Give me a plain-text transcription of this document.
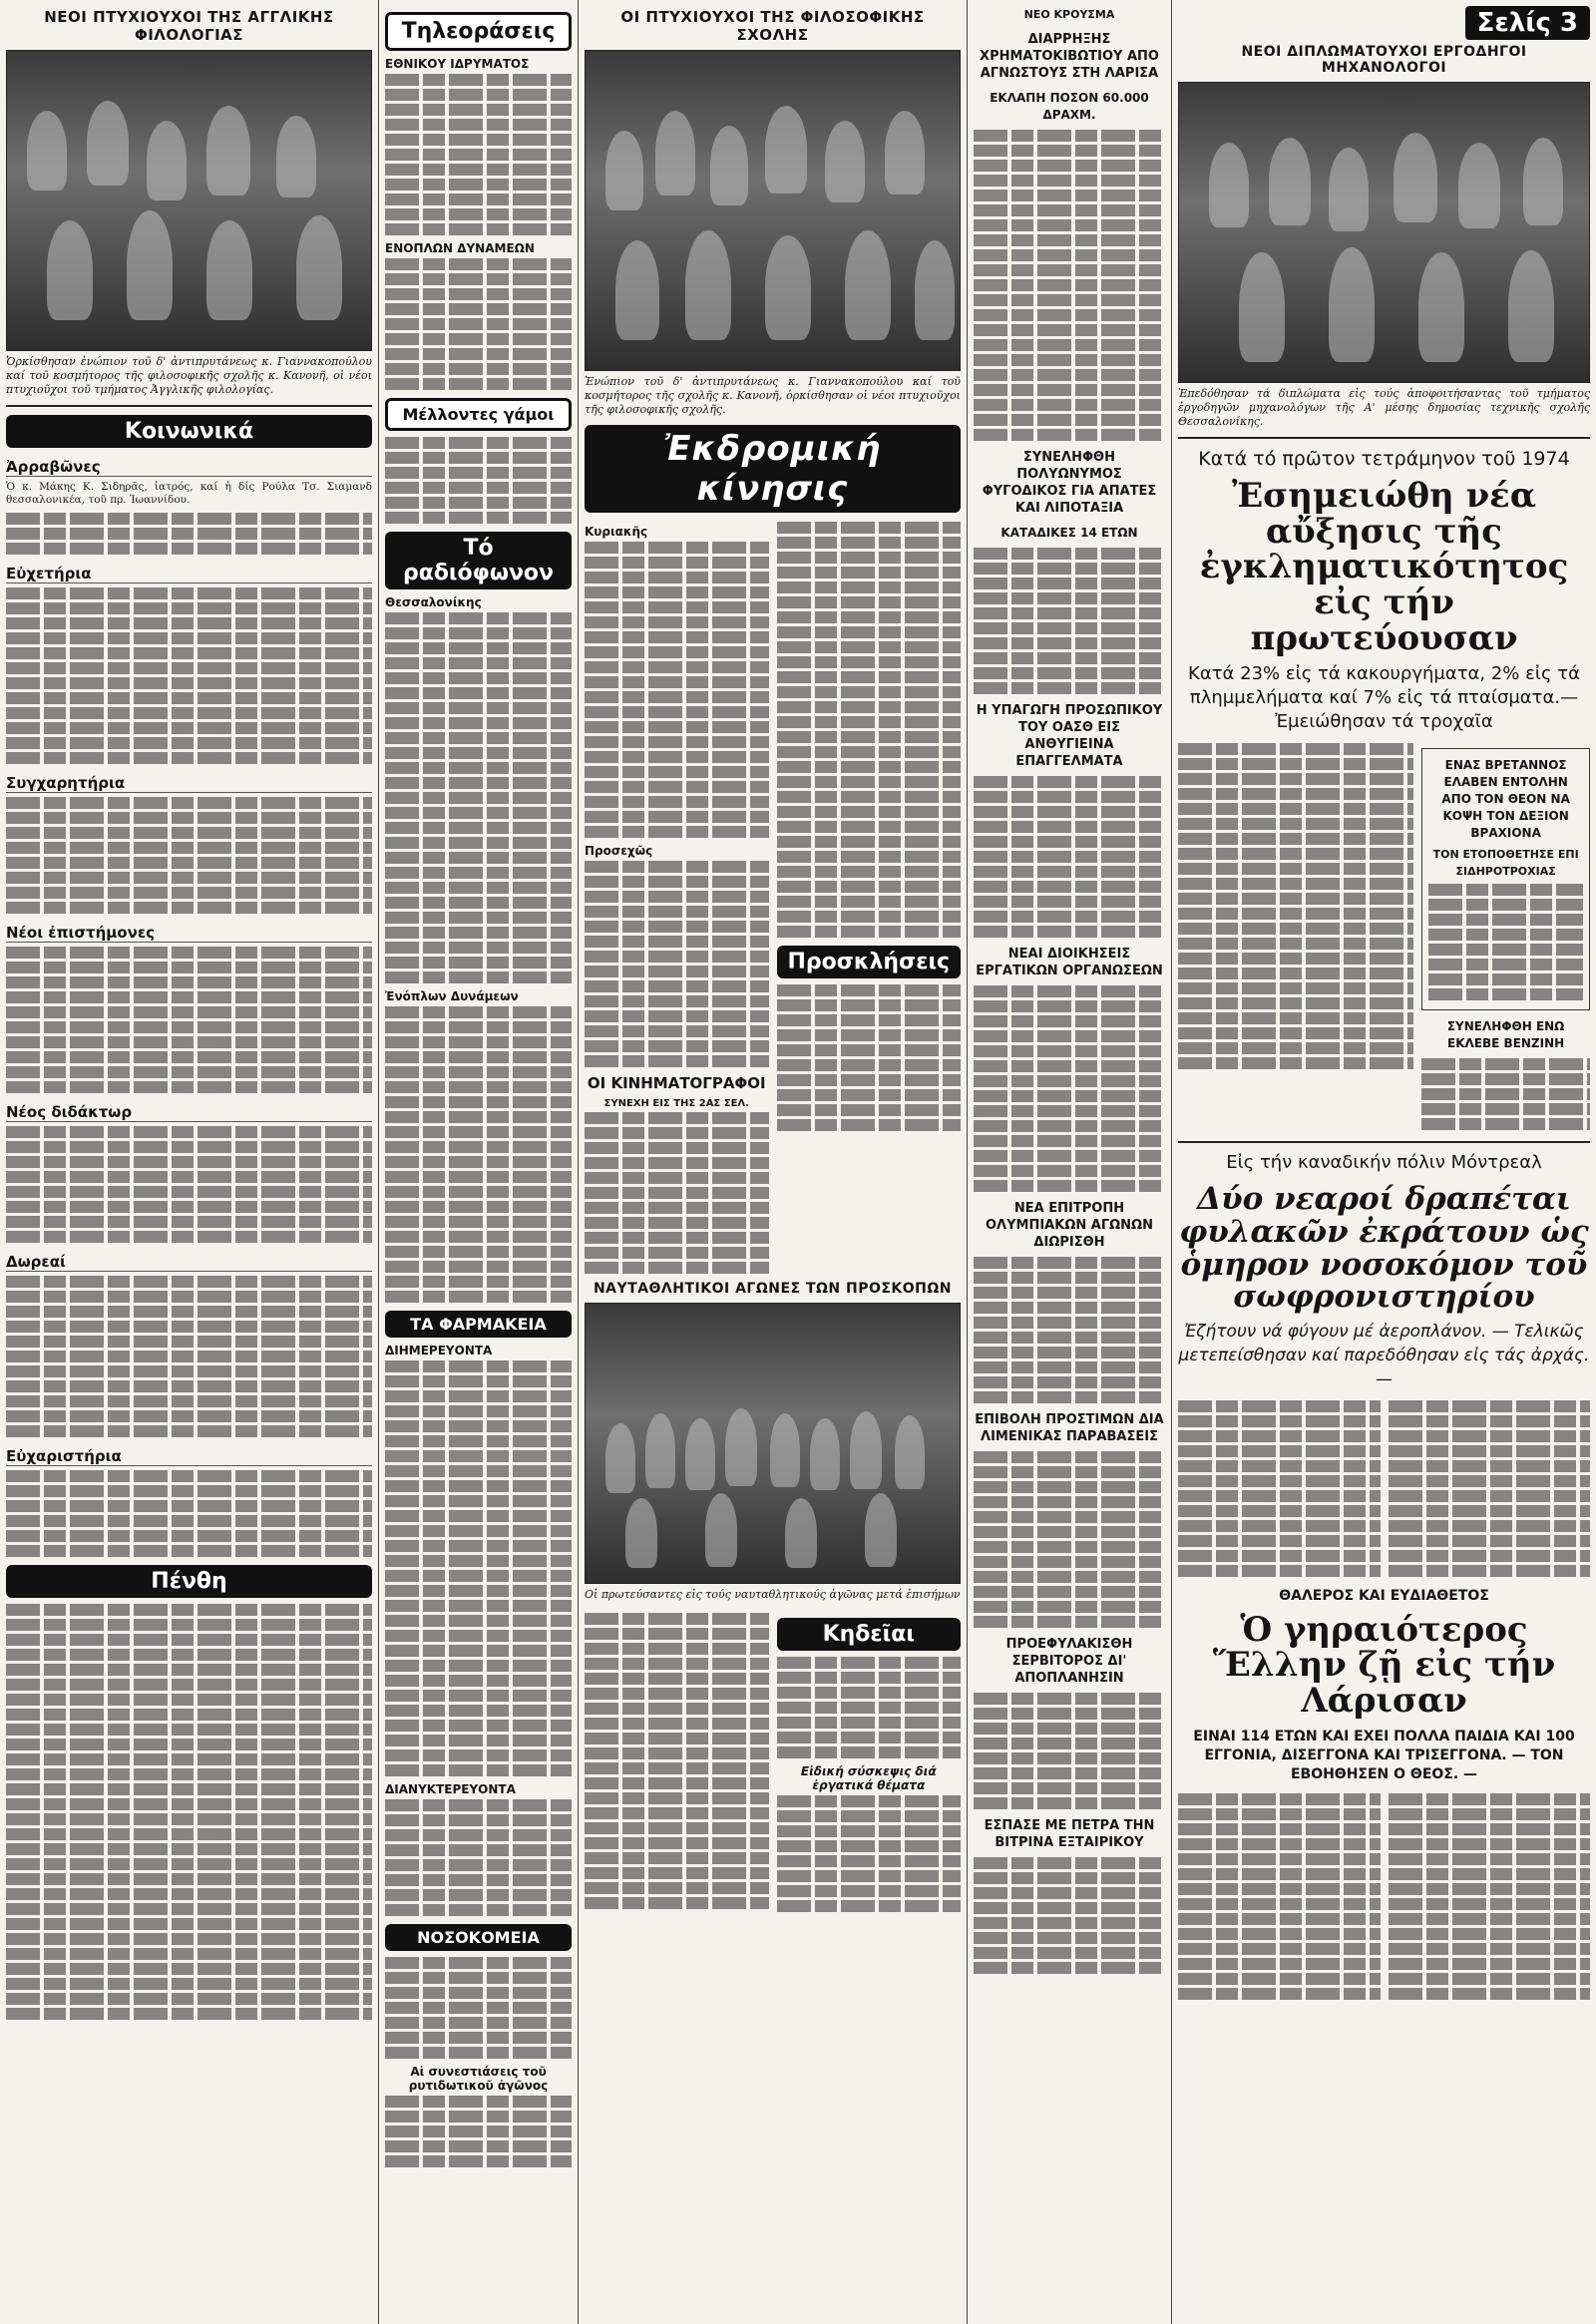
ΝΕΟΙ ΠΤΥΧΙΟΥΧΟΙ ΤΗΣ ΑΓΓΛΙΚΗΣ ΦΙΛΟΛΟΓΙΑΣ
Ὁρκίσθησαν ἐνώπιον τοῦ δ' ἀντιπρυτάνεως κ. Γιαννακοπούλου καί τοῦ κοσμήτορος τῆς φιλοσοφικῆς σχολῆς κ. Κανονῆ, οἱ νέοι πτυχιοῦχοι τοῦ τμήματος Ἀγγλικῆς φιλολογίας.
Κοινωνικά
Ἀρραβῶνες

Ὁ κ. Μάκης Κ. Σιδηρᾶς, ἰατρός, καί ἡ δίς Ρούλα Τσ. Σιαμανδ θεσσαλονικέα, τοῦ πρ. Ἰωαννίδου.

Εὐχετήρια
Συγχαρητήρια
Νέοι ἐπιστήμονες
Νέος διδάκτωρ
Δωρεαί
Εὐχαριστήρια
Πένθη
Τηλεοράσεις
ΕΘΝΙΚΟΥ ΙΔΡΥΜΑΤΟΣ
ΕΝΟΠΛΩΝ ΔΥΝΑΜΕΩΝ
Μέλλοντες γάμοι
Τό ραδιόφωνον
Θεσσαλονίκης
Ἐνόπλων Δυνάμεων
ΤΑ ΦΑΡΜΑΚΕΙΑ
ΔΙΗΜΕΡΕΥΟΝΤΑ
ΔΙΑΝΥΚΤΕΡΕΥΟΝΤΑ
ΝΟΣΟΚΟΜΕΙΑ
Αἱ συνεστιάσεις τοῦ ρυτιδωτικοῦ ἀγῶνος
ΟΙ ΠΤΥΧΙΟΥΧΟΙ ΤΗΣ ΦΙΛΟΣΟΦΙΚΗΣ ΣΧΟΛΗΣ
Ἐνώπιον τοῦ δ' ἀντιπρυτάνεως κ. Γιαννακοπούλου καί τοῦ κοσμήτορος τῆς σχολῆς κ. Κανονῆ, ὁρκίσθησαν οἱ νέοι πτυχιοῦχοι τῆς φιλοσοφικῆς σχολῆς.
Ἐκδρομική κίνησις
Κυριακῆς
Προσεχῶς
ΟΙ ΚΙΝΗΜΑΤΟΓΡΑΦΟΙ
ΣΥΝΕΧΗ ΕΙΣ ΤΗΣ 2ΑΣ ΣΕΛ.
Προσκλήσεις
ΝΑΥΤΑΘΛΗΤΙΚΟΙ ΑΓΩΝΕΣ ΤΩΝ ΠΡΟΣΚΟΠΩΝ
Οἱ πρωτεύσαντες εἰς τούς ναυταθλητικούς ἀγῶνας μετά ἐπισήμων
Κηδεῖαι
Εἰδική σύσκεψις διά ἐργατικά θέματα
ΝΕΟ ΚΡΟΥΣΜΑ
ΔΙΑΡΡΗΞΗΣ ΧΡΗΜΑΤΟΚΙΒΩΤΙΟΥ ΑΠΟ ΑΓΝΩΣΤΟΥΣ ΣΤΗ ΛΑΡΙΣΑ
ΕΚΛΑΠΗ ΠΟΣΟΝ 60.000 ΔΡΑΧΜ.
ΣΥΝΕΛΗΦΘΗ ΠΟΛΥΩΝΥΜΟΣ ΦΥΓΟΔΙΚΟΣ ΓΙΑ ΑΠΑΤΕΣ ΚΑΙ ΛΙΠΟΤΑΞΙΑ
ΚΑΤΑΔΙΚΕΣ 14 ΕΤΩΝ
Η ΥΠΑΓΩΓΗ ΠΡΟΣΩΠΙΚΟΥ ΤΟΥ ΟΑΣΘ ΕΙΣ ΑΝΘΥΓΙΕΙΝΑ ΕΠΑΓΓΕΛΜΑΤΑ
ΝΕΑΙ ΔΙΟΙΚΗΣΕΙΣ ΕΡΓΑΤΙΚΩΝ ΟΡΓΑΝΩΣΕΩΝ
ΝΕΑ ΕΠΙΤΡΟΠΗ ΟΛΥΜΠΙΑΚΩΝ ΑΓΩΝΩΝ ΔΙΩΡΙΣΘΗ
ΕΠΙΒΟΛΗ ΠΡΟΣΤΙΜΩΝ ΔΙΑ ΛΙΜΕΝΙΚΑΣ ΠΑΡΑΒΑΣΕΙΣ
ΠΡΟΕΦΥΛΑΚΙΣΘΗ ΣΕΡΒΙΤΟΡΟΣ ΔΙ' ΑΠΟΠΛΑΝΗΣΙΝ
ΕΣΠΑΣΕ ΜΕ ΠΕΤΡΑ ΤΗΝ ΒΙΤΡΙΝΑ ΕΞΤΑΙΡΙΚΟΥ
Σελίς 3
ΝΕΟΙ ΔΙΠΛΩΜΑΤΟΥΧΟΙ ΕΡΓΟΔΗΓΟΙ ΜΗΧΑΝΟΛΟΓΟΙ
Ἐπεδόθησαν τά διπλώματα εἰς τούς ἀποφοιτήσαντας τοῦ τμήματος ἐργοδηγῶν μηχανολόγων τῆς Α' μέσης δημοσίας τεχνικῆς σχολῆς Θεσσαλονίκης.
Κατά τό πρῶτον τετράμηνον τοῦ 1974
Ἐσημειώθη νέα αὔξησις τῆς ἐγκληματικότητος εἰς τήν πρωτεύουσαν
Κατά 23% εἰς τά κακουργήματα, 2% εἰς τά πλημμελήματα καί 7% εἰς τά πταίσματα.— Ἐμειώθησαν τά τροχαῖα
ΕΝΑΣ ΒΡΕΤΑΝΝΟΣ ΕΛΑΒΕΝ ΕΝΤΟΛΗΝ ΑΠΟ ΤΟΝ ΘΕΟΝ ΝΑ ΚΟΨΗ ΤΟΝ ΔΕΞΙΟΝ ΒΡΑΧΙΟΝΑ
ΤΟΝ ΕΤΟΠΟΘΕΤΗΣΕ ΕΠΙ ΣΙΔΗΡΟΤΡΟΧΙΑΣ
ΣΥΝΕΛΗΦΘΗ ΕΝΩ ΕΚΛΕΒΕ ΒΕΝΖΙΝΗ
Εἰς τήν καναδικήν πόλιν Μόντρεαλ
Δύο νεαροί δραπέται φυλακῶν ἐκράτουν ὡς ὁμηρον νοσοκόμον τοῦ σωφρονιστηρίου
Ἐζήτουν νά φύγουν μέ ἀεροπλάνον. — Τελικῶς μετεπείσθησαν καί παρεδόθησαν εἰς τάς ἀρχάς.—
ΘΑΛΕΡΟΣ ΚΑΙ ΕΥΔΙΑΘΕΤΟΣ
Ὁ γηραιότερος Ἕλλην ζῇ εἰς τήν Λάρισαν
ΕΙΝΑΙ 114 ΕΤΩΝ ΚΑΙ ΕΧΕΙ ΠΟΛΛΑ ΠΑΙΔΙΑ ΚΑΙ 100 ΕΓΓΟΝΙΑ, ΔΙΣΕΓΓΟΝΑ ΚΑΙ ΤΡΙΣΕΓΓΟΝΑ. — ΤΟΝ ΕΒΟΗΘΗΣΕΝ Ο ΘΕΟΣ. —
